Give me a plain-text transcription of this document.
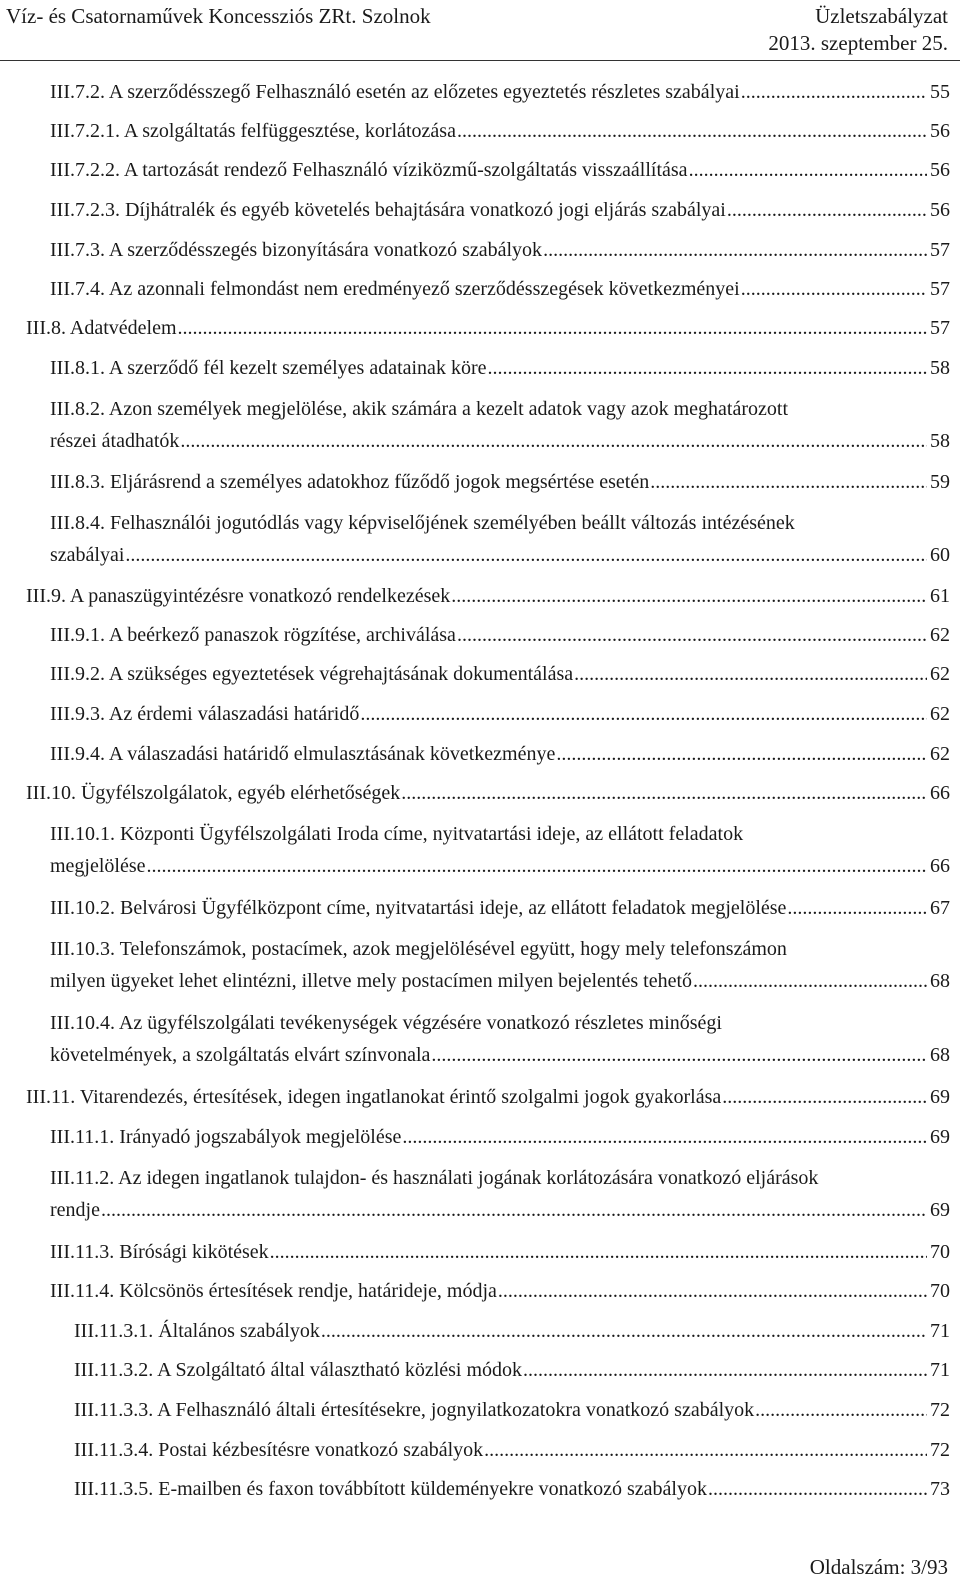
Víz- és Csatornaművek Koncessziós ZRt. Szolnok	Üzletszabályzat
2013. szeptember 25.
III.7.2. A szerződésszegő Felhasználó esetén az előzetes egyeztetés részletes szabályai .....	55
III.7.2.1. A szolgáltatás felfüggesztése, korlátozása .....	56
III.7.2.2. A tartozását rendező Felhasználó víziközmű-szolgáltatás visszaállítása .....	56
III.7.2.3. Díjhátralék és egyéb követelés behajtására vonatkozó jogi eljárás szabályai .....	56
III.7.3. A szerződésszegés bizonyítására vonatkozó szabályok .....	57
III.7.4. Az azonnali felmondást nem eredményező szerződésszegések következményei .....	57
III.8. Adatvédelem .....	57
III.8.1. A szerződő fél kezelt személyes adatainak köre .....	58
III.8.2. Azon személyek megjelölése, akik számára a kezelt adatok vagy azok meghatározott
részei átadhatók .....	58
III.8.3. Eljárásrend a személyes adatokhoz fűződő jogok megsértése esetén .....	59
III.8.4. Felhasználói jogutódlás vagy képviselőjének személyében beállt változás intézésének
szabályai .....	60
III.9. A panaszügyintézésre vonatkozó rendelkezések .....	61
III.9.1. A beérkező panaszok rögzítése, archiválása .....	62
III.9.2. A szükséges egyeztetések végrehajtásának dokumentálása .....	62
III.9.3. Az érdemi válaszadási határidő .....	62
III.9.4. A válaszadási határidő elmulasztásának következménye .....	62
III.10. Ügyfélszolgálatok, egyéb elérhetőségek .....	66
III.10.1. Központi Ügyfélszolgálati Iroda címe, nyitvatartási ideje, az ellátott feladatok
megjelölése .....	66
III.10.2. Belvárosi Ügyfélközpont címe, nyitvatartási ideje, az ellátott feladatok megjelölése .....	67
III.10.3. Telefonszámok, postacímek, azok megjelölésével együtt, hogy mely telefonszámon
milyen ügyeket lehet elintézni, illetve mely postacímen milyen bejelentés tehető .....	68
III.10.4. Az ügyfélszolgálati tevékenységek végzésére vonatkozó részletes minőségi
követelmények, a szolgáltatás elvárt színvonala .....	68
III.11. Vitarendezés, értesítések, idegen ingatlanokat érintő szolgalmi jogok gyakorlása .....	69
III.11.1. Irányadó jogszabályok megjelölése .....	69
III.11.2. Az idegen ingatlanok tulajdon- és használati jogának korlátozására vonatkozó eljárások
rendje .....	69
III.11.3. Bírósági kikötések .....	70
III.11.4. Kölcsönös értesítések rendje, határideje, módja .....	70
III.11.3.1. Általános szabályok .....	71
III.11.3.2. A Szolgáltató által választható közlési módok .....	71
III.11.3.3. A Felhasználó általi értesítésekre, jognyilatkozatokra vonatkozó szabályok .....	72
III.11.3.4. Postai kézbesítésre vonatkozó szabályok .....	72
III.11.3.5. E-mailben és faxon továbbított küldeményekre vonatkozó szabályok .....	73
Oldalszám: 3/93
